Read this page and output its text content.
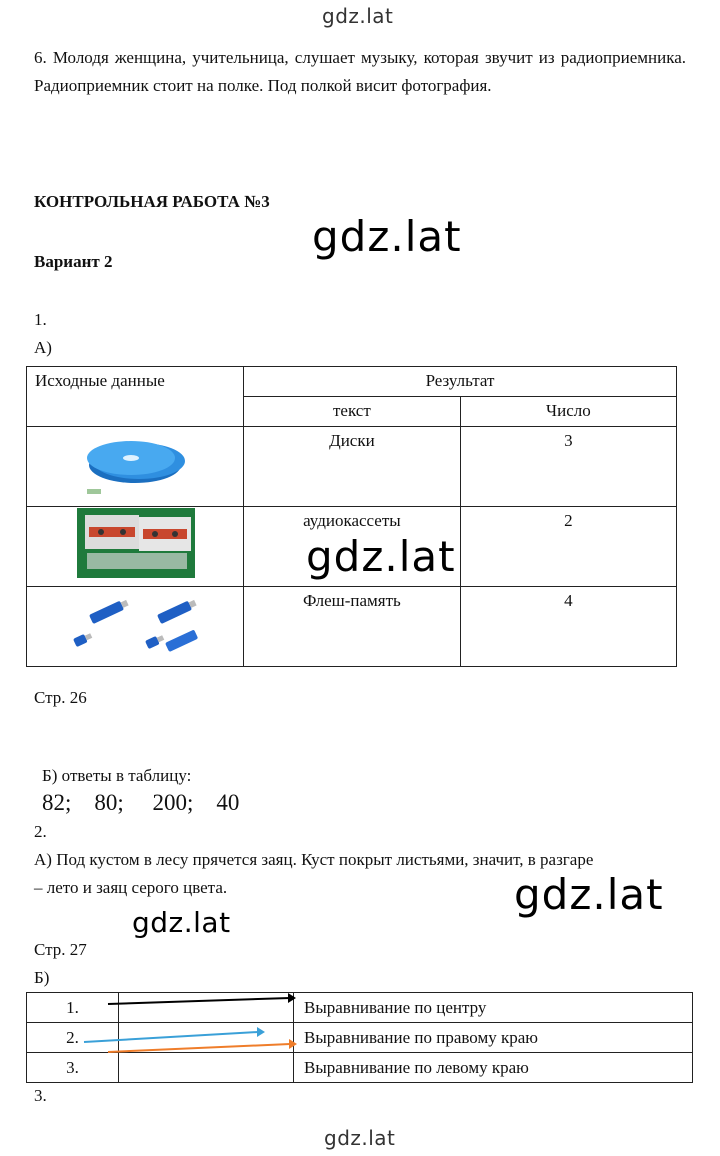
gdz.lat
gdz.lat
gdz.lat
gdz.lat
gdz.lat
gdz.lat
6. Молодя женщина, учительница, слушает музыку, которая звучит из радиоприемника. Радиоприемник стоит на полке. Под полкой висит фотография.
КОНТРОЛЬНАЯ РАБОТА №3
Вариант 2
1.
А)
Исходные данные	Результат	

	текст	Число

Диски	3

аудиокассеты	2

Флеш-память	4
Стр. 26

Б) ответы в таблицу:
82;    80;     200;    40

2.
А) Под кустом в лесу прячется заяц. Куст покрыт листьями, значит, в разгаре
– лето и заяц серого цвета.
Стр. 27
Б)
1.		Выравнивание по центру
2.		Выравнивание по правому краю
3.		Выравнивание по левому краю
3.
